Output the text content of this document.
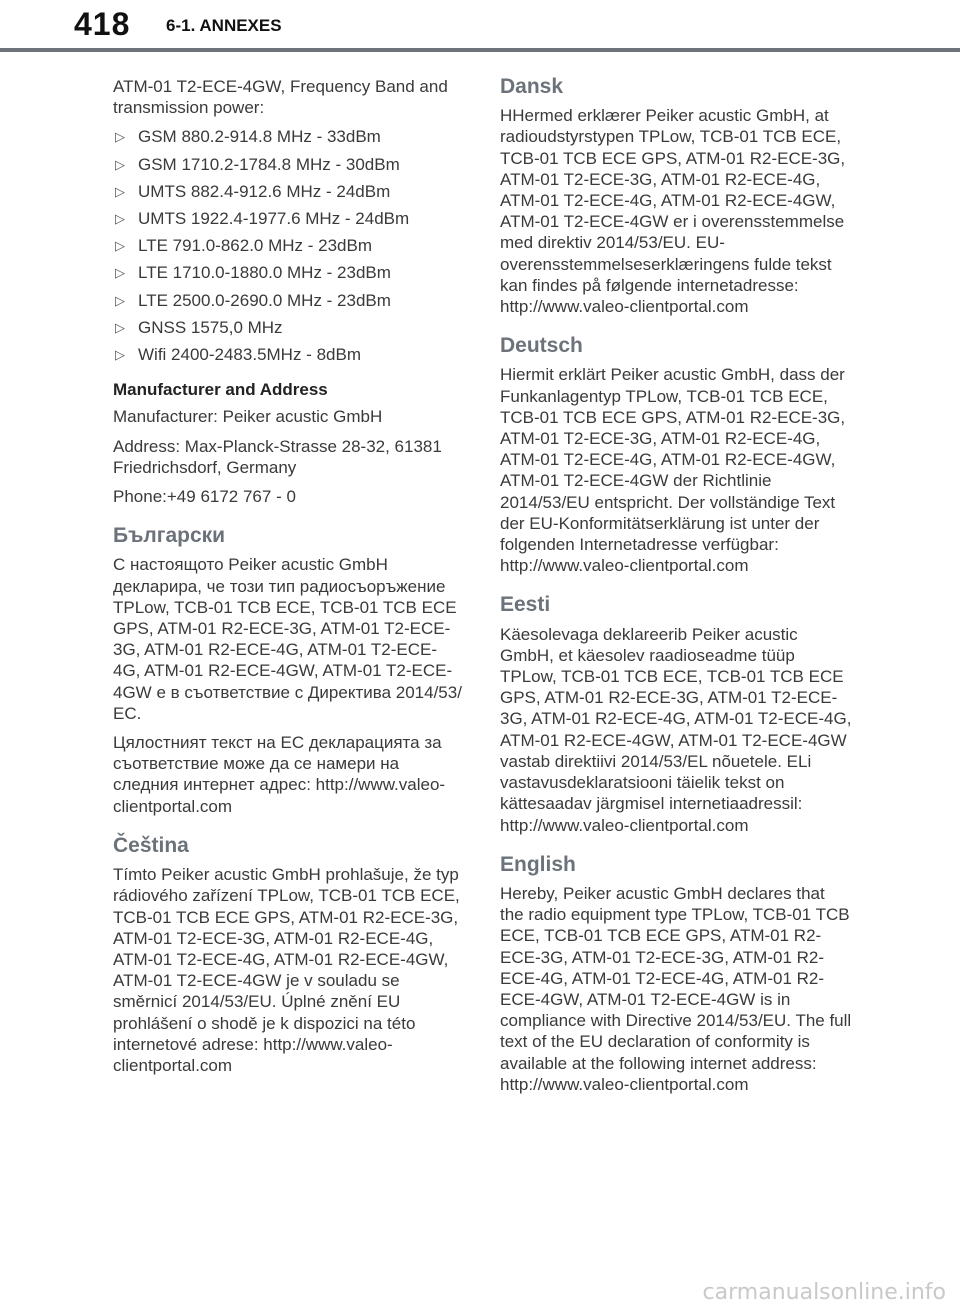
418 6-1. ANNEXES

ATM-01 T2-ECE-4GW, Frequency Band and transmission power:

▷ GSM 880.2-914.8 MHz - 33dBm
▷ GSM 1710.2-1784.8 MHz - 30dBm
▷ UMTS 882.4-912.6 MHz - 24dBm
▷ UMTS 1922.4-1977.6 MHz - 24dBm
▷ LTE 791.0-862.0 MHz - 23dBm
▷ LTE 1710.0-1880.0 MHz - 23dBm
▷ LTE 2500.0-2690.0 MHz - 23dBm
▷ GNSS 1575,0 MHz
▷ Wifi 2400-2483.5MHz - 8dBm
Manufacturer and Address

Manufacturer: Peiker acustic GmbH

Address: Max-Planck-Strasse 28-32, 61381 Friedrichsdorf, Germany

Phone:+49 6172 767 - 0

Български

С настоящото Peiker acustic GmbH декларира, че този тип радиосъоръжение TPLow, TCB-01 TCB ECE, TCB-01 TCB ECE GPS, ATM-01 R2-ECE-3G, ATM-01 T2-ECE-3G, ATM-01 R2-ECE-4G, ATM-01 T2-ECE-4G, ATM-01 R2-ECE-4GW, ATM-01 T2-ECE-4GW е в съответствие с Директива 2014/53/ЕС.

Цялостният текст на ЕС декларацията за съответствие може да се намери на следния интернет адрес: http://www.valeo-clientportal.com

Čeština

Tímto Peiker acustic GmbH prohlašuje, že typ rádiového zařízení TPLow, TCB-01 TCB ECE, TCB-01 TCB ECE GPS, ATM-01 R2-ECE-3G, ATM-01 T2-ECE-3G, ATM-01 R2-ECE-4G, ATM-01 T2-ECE-4G, ATM-01 R2-ECE-4GW, ATM-01 T2-ECE-4GW je v souladu se směrnicí 2014/53/EU. Úplné znění EU prohlášení o shodě je k dispozici na této internetové adrese: http://www.valeo-clientportal.com

Dansk

HHermed erklærer Peiker acustic GmbH, at radioudstyrstypen TPLow, TCB-01 TCB ECE, TCB-01 TCB ECE GPS, ATM-01 R2-ECE-3G, ATM-01 T2-ECE-3G, ATM-01 R2-ECE-4G, ATM-01 T2-ECE-4G, ATM-01 R2-ECE-4GW, ATM-01 T2-ECE-4GW er i overensstemmelse med direktiv 2014/53/EU. EU-overensstemmelseserklæringens fulde tekst kan findes på følgende internetadresse: http://www.valeo-clientportal.com

Deutsch

Hiermit erklärt Peiker acustic GmbH, dass der Funkanlagentyp TPLow, TCB-01 TCB ECE, TCB-01 TCB ECE GPS, ATM-01 R2-ECE-3G, ATM-01 T2-ECE-3G, ATM-01 R2-ECE-4G, ATM-01 T2-ECE-4G, ATM-01 R2-ECE-4GW, ATM-01 T2-ECE-4GW der Richtlinie 2014/53/EU entspricht. Der vollständige Text der EU-Konformitätserklärung ist unter der folgenden Internetadresse verfügbar: http://www.valeo-clientportal.com

Eesti

Käesolevaga deklareerib Peiker acustic GmbH, et käesolev raadioseadme tüüp TPLow, TCB-01 TCB ECE, TCB-01 TCB ECE GPS, ATM-01 R2-ECE-3G, ATM-01 T2-ECE-3G, ATM-01 R2-ECE-4G, ATM-01 T2-ECE-4G, ATM-01 R2-ECE-4GW, ATM-01 T2-ECE-4GW vastab direktiivi 2014/53/EL nõuetele. ELi vastavusdeklaratsiooni täielik tekst on kättesaadav järgmisel internetiaadressil: http://www.valeo-clientportal.com

English

Hereby, Peiker acustic GmbH declares that the radio equipment type TPLow, TCB-01 TCB ECE, TCB-01 TCB ECE GPS, ATM-01 R2-ECE-3G, ATM-01 T2-ECE-3G, ATM-01 R2-ECE-4G, ATM-01 T2-ECE-4G, ATM-01 R2-ECE-4GW, ATM-01 T2-ECE-4GW is in compliance with Directive 2014/53/EU. The full text of the EU declaration of conformity is available at the following internet address: http://www.valeo-clientportal.com

carmanualsonline.info
